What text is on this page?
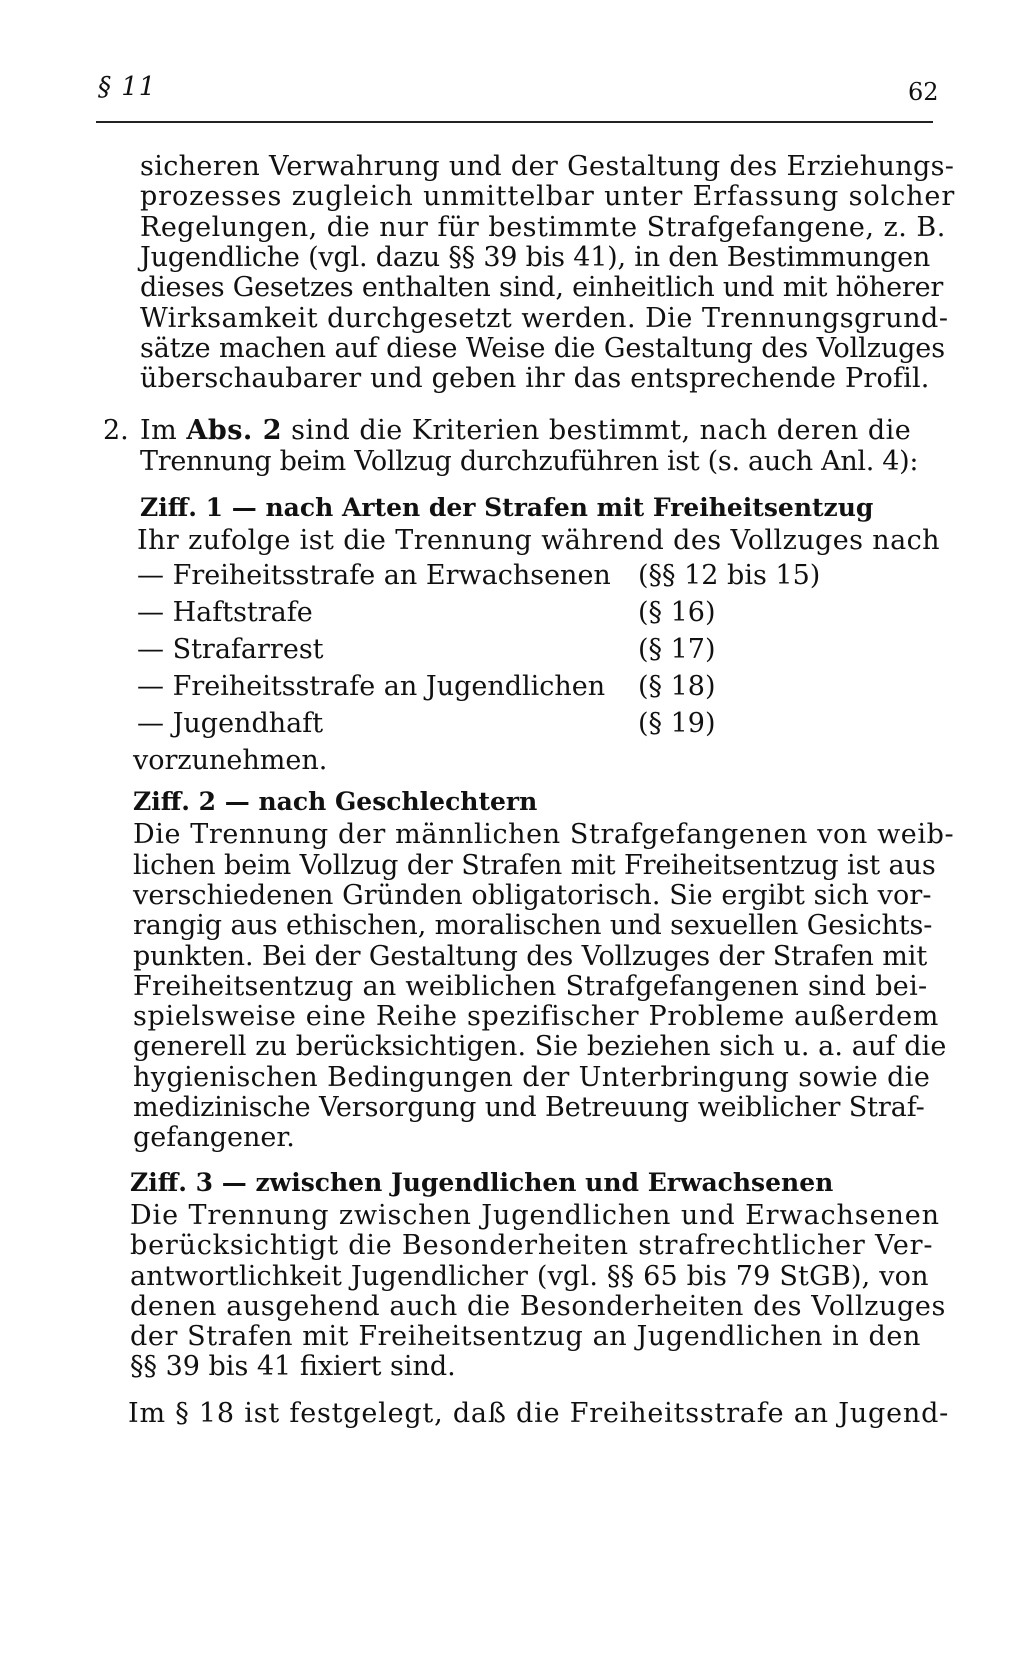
§ 11	62
sicheren Verwahrung und der Gestaltung des Erziehungs-
prozesses zugleich unmittelbar unter Erfassung solcher
Regelungen, die nur für bestimmte Strafgefangene, z. B.
Jugendliche (vgl. dazu §§ 39 bis 41), in den Bestimmungen
dieses Gesetzes enthalten sind, einheitlich und mit höherer
Wirksamkeit durchgesetzt werden. Die Trennungsgrund-
sätze machen auf diese Weise die Gestaltung des Vollzuges
überschaubarer und geben ihr das entsprechende Profil.
2. Im Abs. 2 sind die Kriterien bestimmt, nach deren die
Trennung beim Vollzug durchzuführen ist (s. auch Anl. 4):
Ziff. 1 — nach Arten der Strafen mit Freiheitsentzug
Ihr zufolge ist die Trennung während des Vollzuges nach
— Freiheitsstrafe an Erwachsenen (§§ 12 bis 15)
— Haftstrafe	(§ 16)
— Strafarrest	(§ 17)
— Freiheitsstrafe an Jugendlichen (§ 18)
— Jugendhaft	(§ 19)
vorzunehmen.
Ziff. 2 — nach Geschlechtern
Die Trennung der männlichen Strafgefangenen von weib-
lichen beim Vollzug der Strafen mit Freiheitsentzug ist aus
verschiedenen Gründen obligatorisch. Sie ergibt sich vor-
rangig aus ethischen, moralischen und sexuellen Gesichts-
punkten. Bei der Gestaltung des Vollzuges der Strafen mit
Freiheitsentzug an weiblichen Strafgefangenen sind bei-
spielsweise eine Reihe spezifischer Probleme außerdem
generell zu berücksichtigen. Sie beziehen sich u. a. auf die
hygienischen Bedingungen der Unterbringung sowie die
medizinische Versorgung und Betreuung weiblicher Straf-
gefangener.
Ziff. 3 — zwischen Jugendlichen und Erwachsenen
Die Trennung zwischen Jugendlichen und Erwachsenen
berücksichtigt die Besonderheiten strafrechtlicher Ver-
antwortlichkeit Jugendlicher (vgl. §§ 65 bis 79 StGB), von
denen ausgehend auch die Besonderheiten des Vollzuges
der Strafen mit Freiheitsentzug an Jugendlichen in den
§§ 39 bis 41 fixiert sind.
Im § 18 ist festgelegt, daß die Freiheitsstrafe an Jugend-
